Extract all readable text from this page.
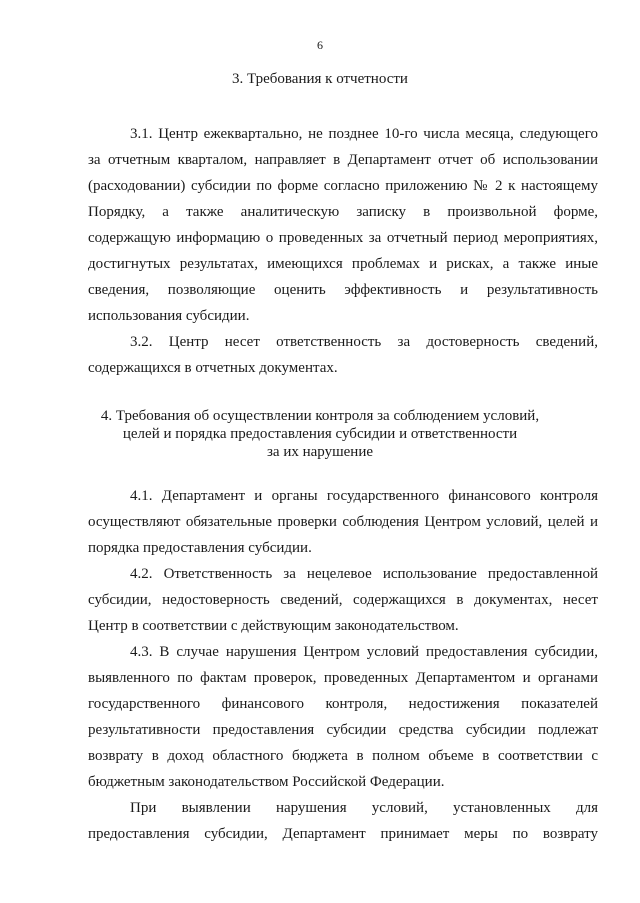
6
3. Требования к отчетности
3.1. Центр ежеквартально, не позднее 10-го числа месяца, следующего
за отчетным кварталом, направляет в Департамент отчет об использовании
(расходовании) субсидии по форме согласно приложению № 2 к настоящему
Порядку, а также аналитическую записку в произвольной форме,
содержащую информацию о проведенных за отчетный период мероприятиях,
достигнутых результатах, имеющихся проблемах и рисках, а также иные
сведения, позволяющие оценить эффективность и результативность
использования субсидии.
3.2. Центр несет ответственность за достоверность сведений,
содержащихся в отчетных документах.
4. Требования об осуществлении контроля за соблюдением условий,
целей и порядка предоставления субсидии и ответственности
за их нарушение
4.1. Департамент и органы государственного финансового контроля
осуществляют обязательные проверки соблюдения Центром условий, целей и
порядка предоставления субсидии.
4.2. Ответственность за нецелевое использование предоставленной
субсидии, недостоверность сведений, содержащихся в документах, несет
Центр в соответствии с действующим законодательством.
4.3. В случае нарушения Центром условий предоставления субсидии,
выявленного по фактам проверок, проведенных Департаментом и органами
государственного финансового контроля, недостижения показателей
результативности предоставления субсидии средства субсидии подлежат
возврату в доход областного бюджета в полном объеме в соответствии с
бюджетным законодательством Российской Федерации.
При выявлении нарушения условий, установленных для
предоставления субсидии, Департамент принимает меры по возврату
